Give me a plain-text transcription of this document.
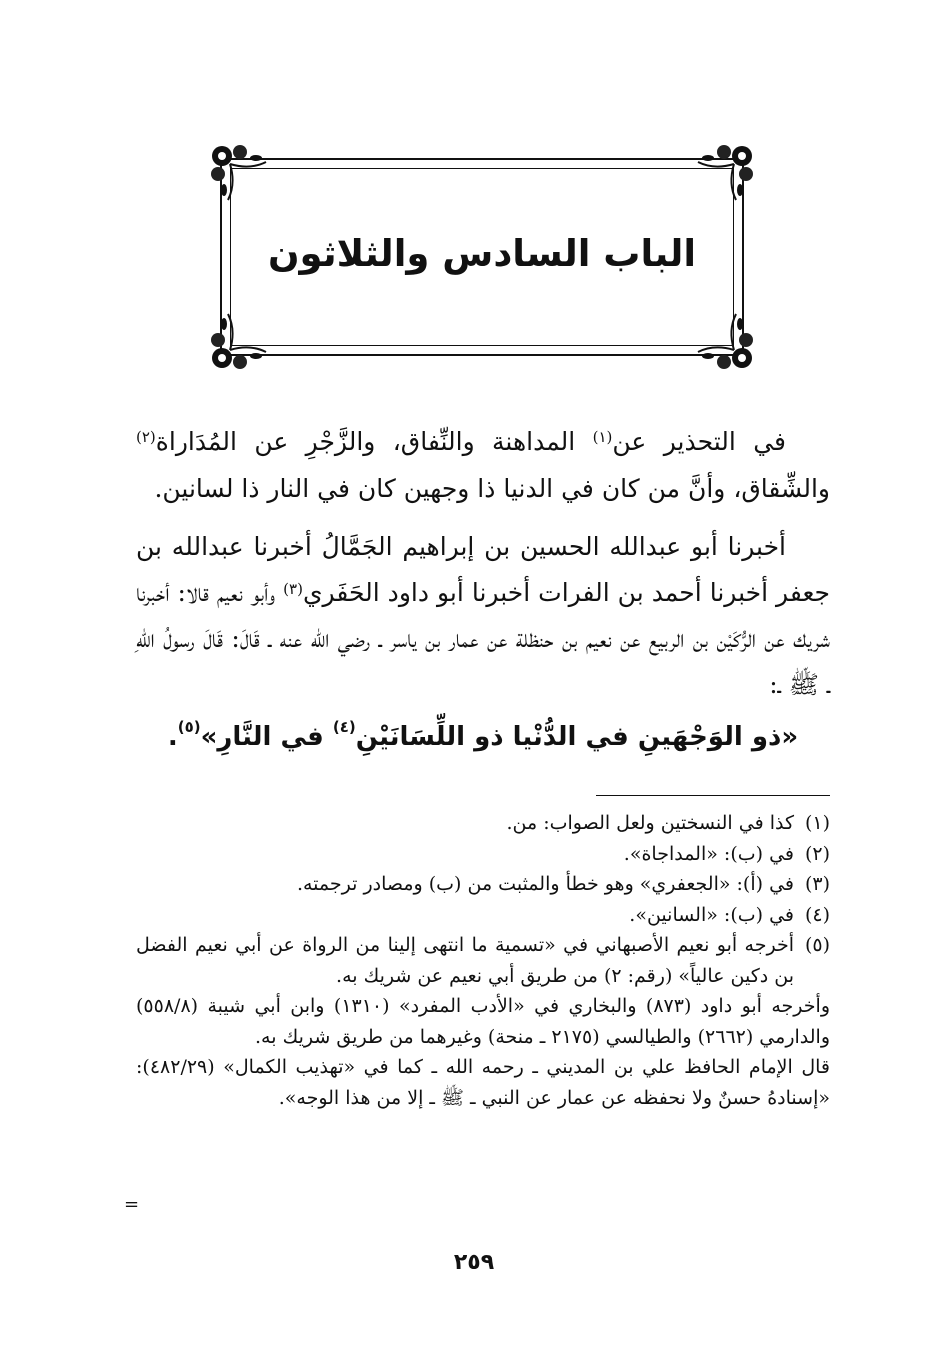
الباب السادس والثلاثون

في التحذير عن$^{(١)}$ المداهنة والنِّفاق، والزَّجْرِ عن المُدَاراة$^{(٢)}$ والشِّقاق، وأنَّ من كان في الدنيا ذا وجهين كان في النار ذا لسانين.

أخبرنا أبو عبدالله الحسين بن إبراهيم الجَمَّالُ أخبرنا عبدالله بن جعفر أخبرنا أحمد بن الفرات أخبرنا أبو داود الحَفَري$^{(٣)}$ وأبو نعيم قالا: أخبرنا شريك عن الرُّكَيْن بن الربيع عن نعيم بن حنظلة عن عمار بن ياسر ـ رضي الله عنه ـ قَالَ: قَالَ رسولُ اللّهِ ـ ﷺ ـ:

«ذو الوَجْهَينِ في الدُّنْيا ذو اللِّسَانَيْنِ$^{(٤)}$ في النَّارِ»$^{(٥)}$.
(١)
كذا في النسختين ولعل الصواب: من.
(٢)
في (ب): «المداجاة».
(٣)
في (أ): «الجعفري» وهو خطأ والمثبت من (ب) ومصادر ترجمته.
(٤)
في (ب): «السانين».
(٥)
أخرجه أبو نعيم الأصبهاني في «تسمية ما انتهى إلينا من الرواة عن أبي نعيم الفضل بن دكين عالياً» (رقم: ٢) من طريق أبي نعيم عن شريك به.
وأخرجه أبو داود (٨٧٣) والبخاري في «الأدب المفرد» (١٣١٠) وابن أبي شيبة (٥٥٨/٨) والدارمي (٢٦٦٢) والطيالسي (٢١٧٥ ـ منحة) وغيرهما من طريق شريك به.
قال الإمام الحافظ علي بن المديني ـ رحمه الله ـ كما في «تهذيب الكمال» (٤٨٢/٢٩): «إسنادهُ حسنٌ ولا نحفظه عن عمار عن النبي ـ ﷺ ـ إلا من هذا الوجه».
=
٢٥٩
